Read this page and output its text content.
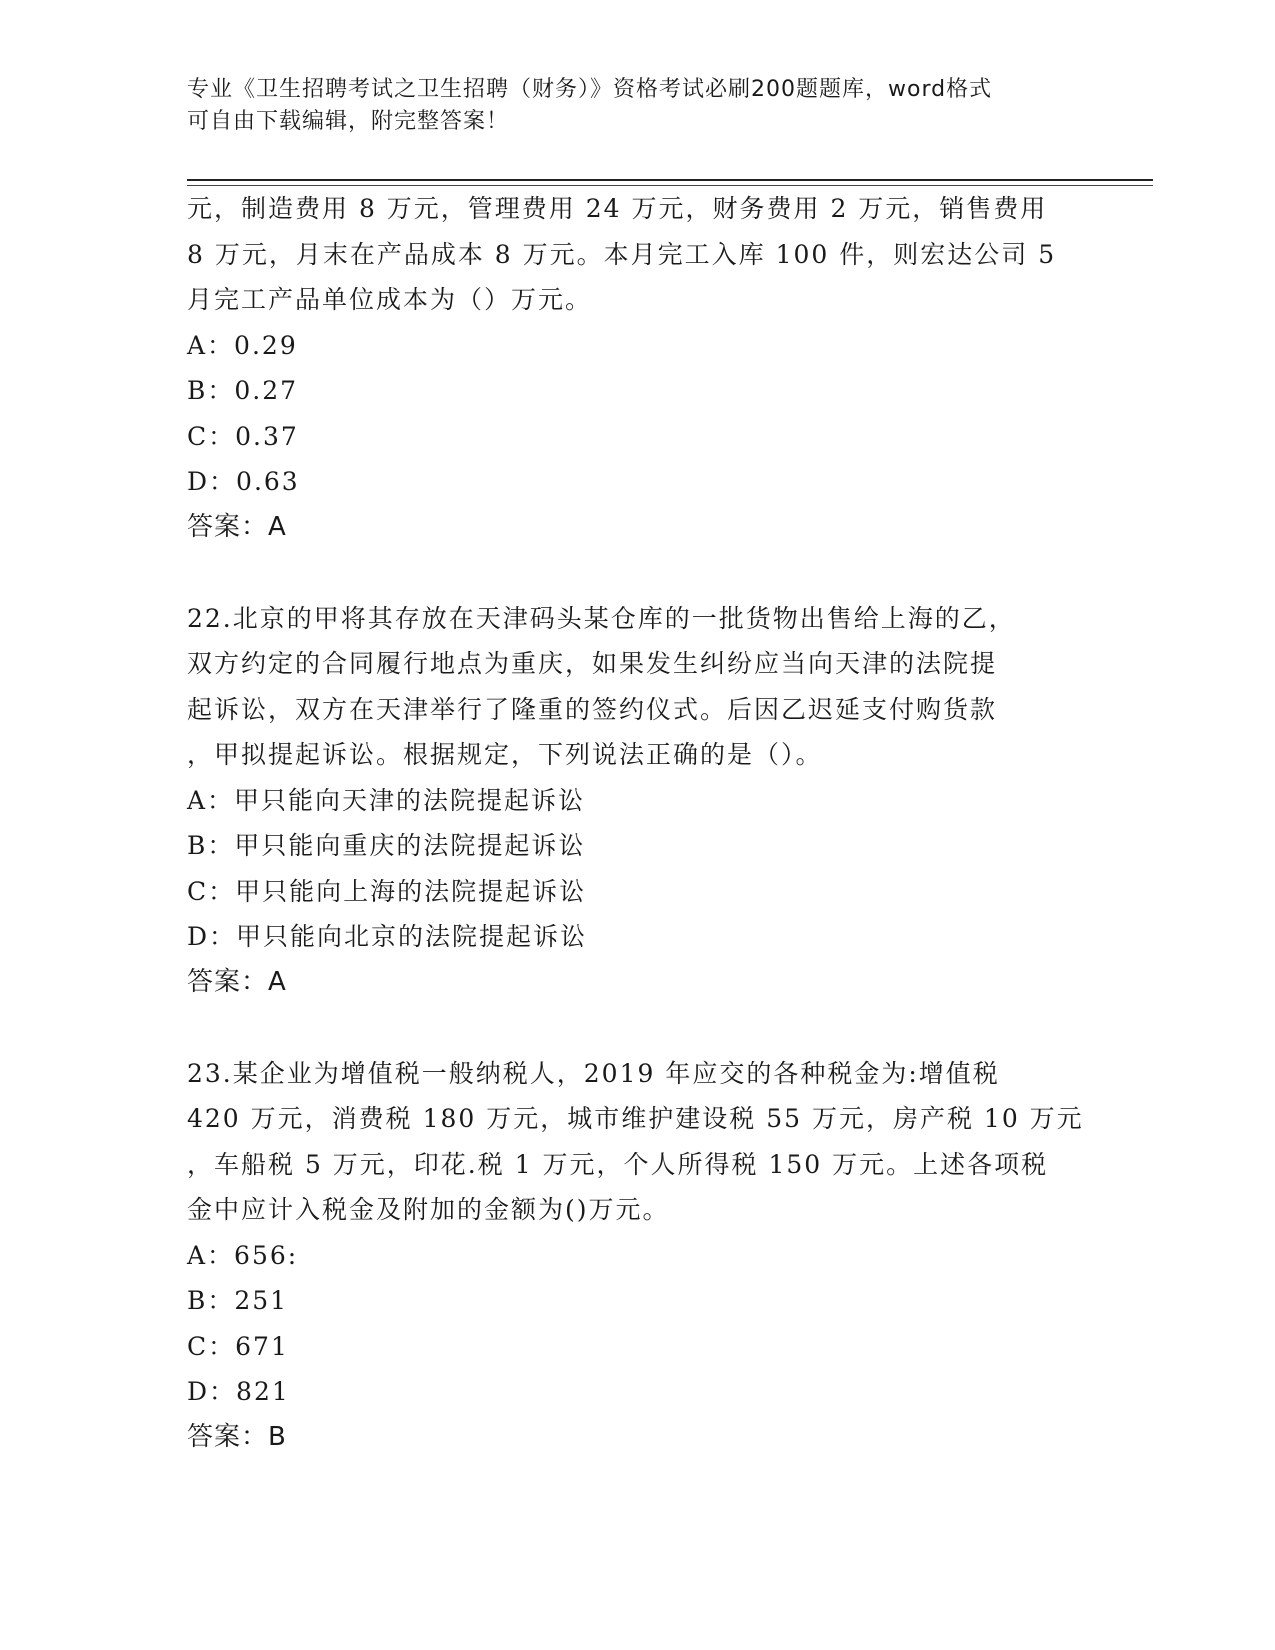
专业《卫生招聘考试之卫生招聘（财务）》资格考试必刷200题题库，word格式
可自由下载编辑，附完整答案！
元，制造费用 8 万元，管理费用 24 万元，财务费用 2 万元，销售费用
8 万元，月末在产品成本 8 万元。本月完工入库 100 件，则宏达公司 5
月完工产品单位成本为（）万元。
A：0.29
B：0.27
C：0.37
D：0.63
答案：A
22.北京的甲将其存放在天津码头某仓库的一批货物出售给上海的乙，
双方约定的合同履行地点为重庆，如果发生纠纷应当向天津的法院提
起诉讼，双方在天津举行了隆重的签约仪式。后因乙迟延支付购货款
，甲拟提起诉讼。根据规定，下列说法正确的是（）。
A：甲只能向天津的法院提起诉讼
B：甲只能向重庆的法院提起诉讼
C：甲只能向上海的法院提起诉讼
D：甲只能向北京的法院提起诉讼
答案：A
23.某企业为增值税一般纳税人，2019 年应交的各种税金为:增值税
420 万元，消费税 180 万元，城市维护建设税 55 万元，房产税 10 万元
，车船税 5 万元，印花.税 1 万元，个人所得税 150 万元。上述各项税
金中应计入税金及附加的金额为()万元。
A：656:
B：251
C：671
D：821
答案：B
